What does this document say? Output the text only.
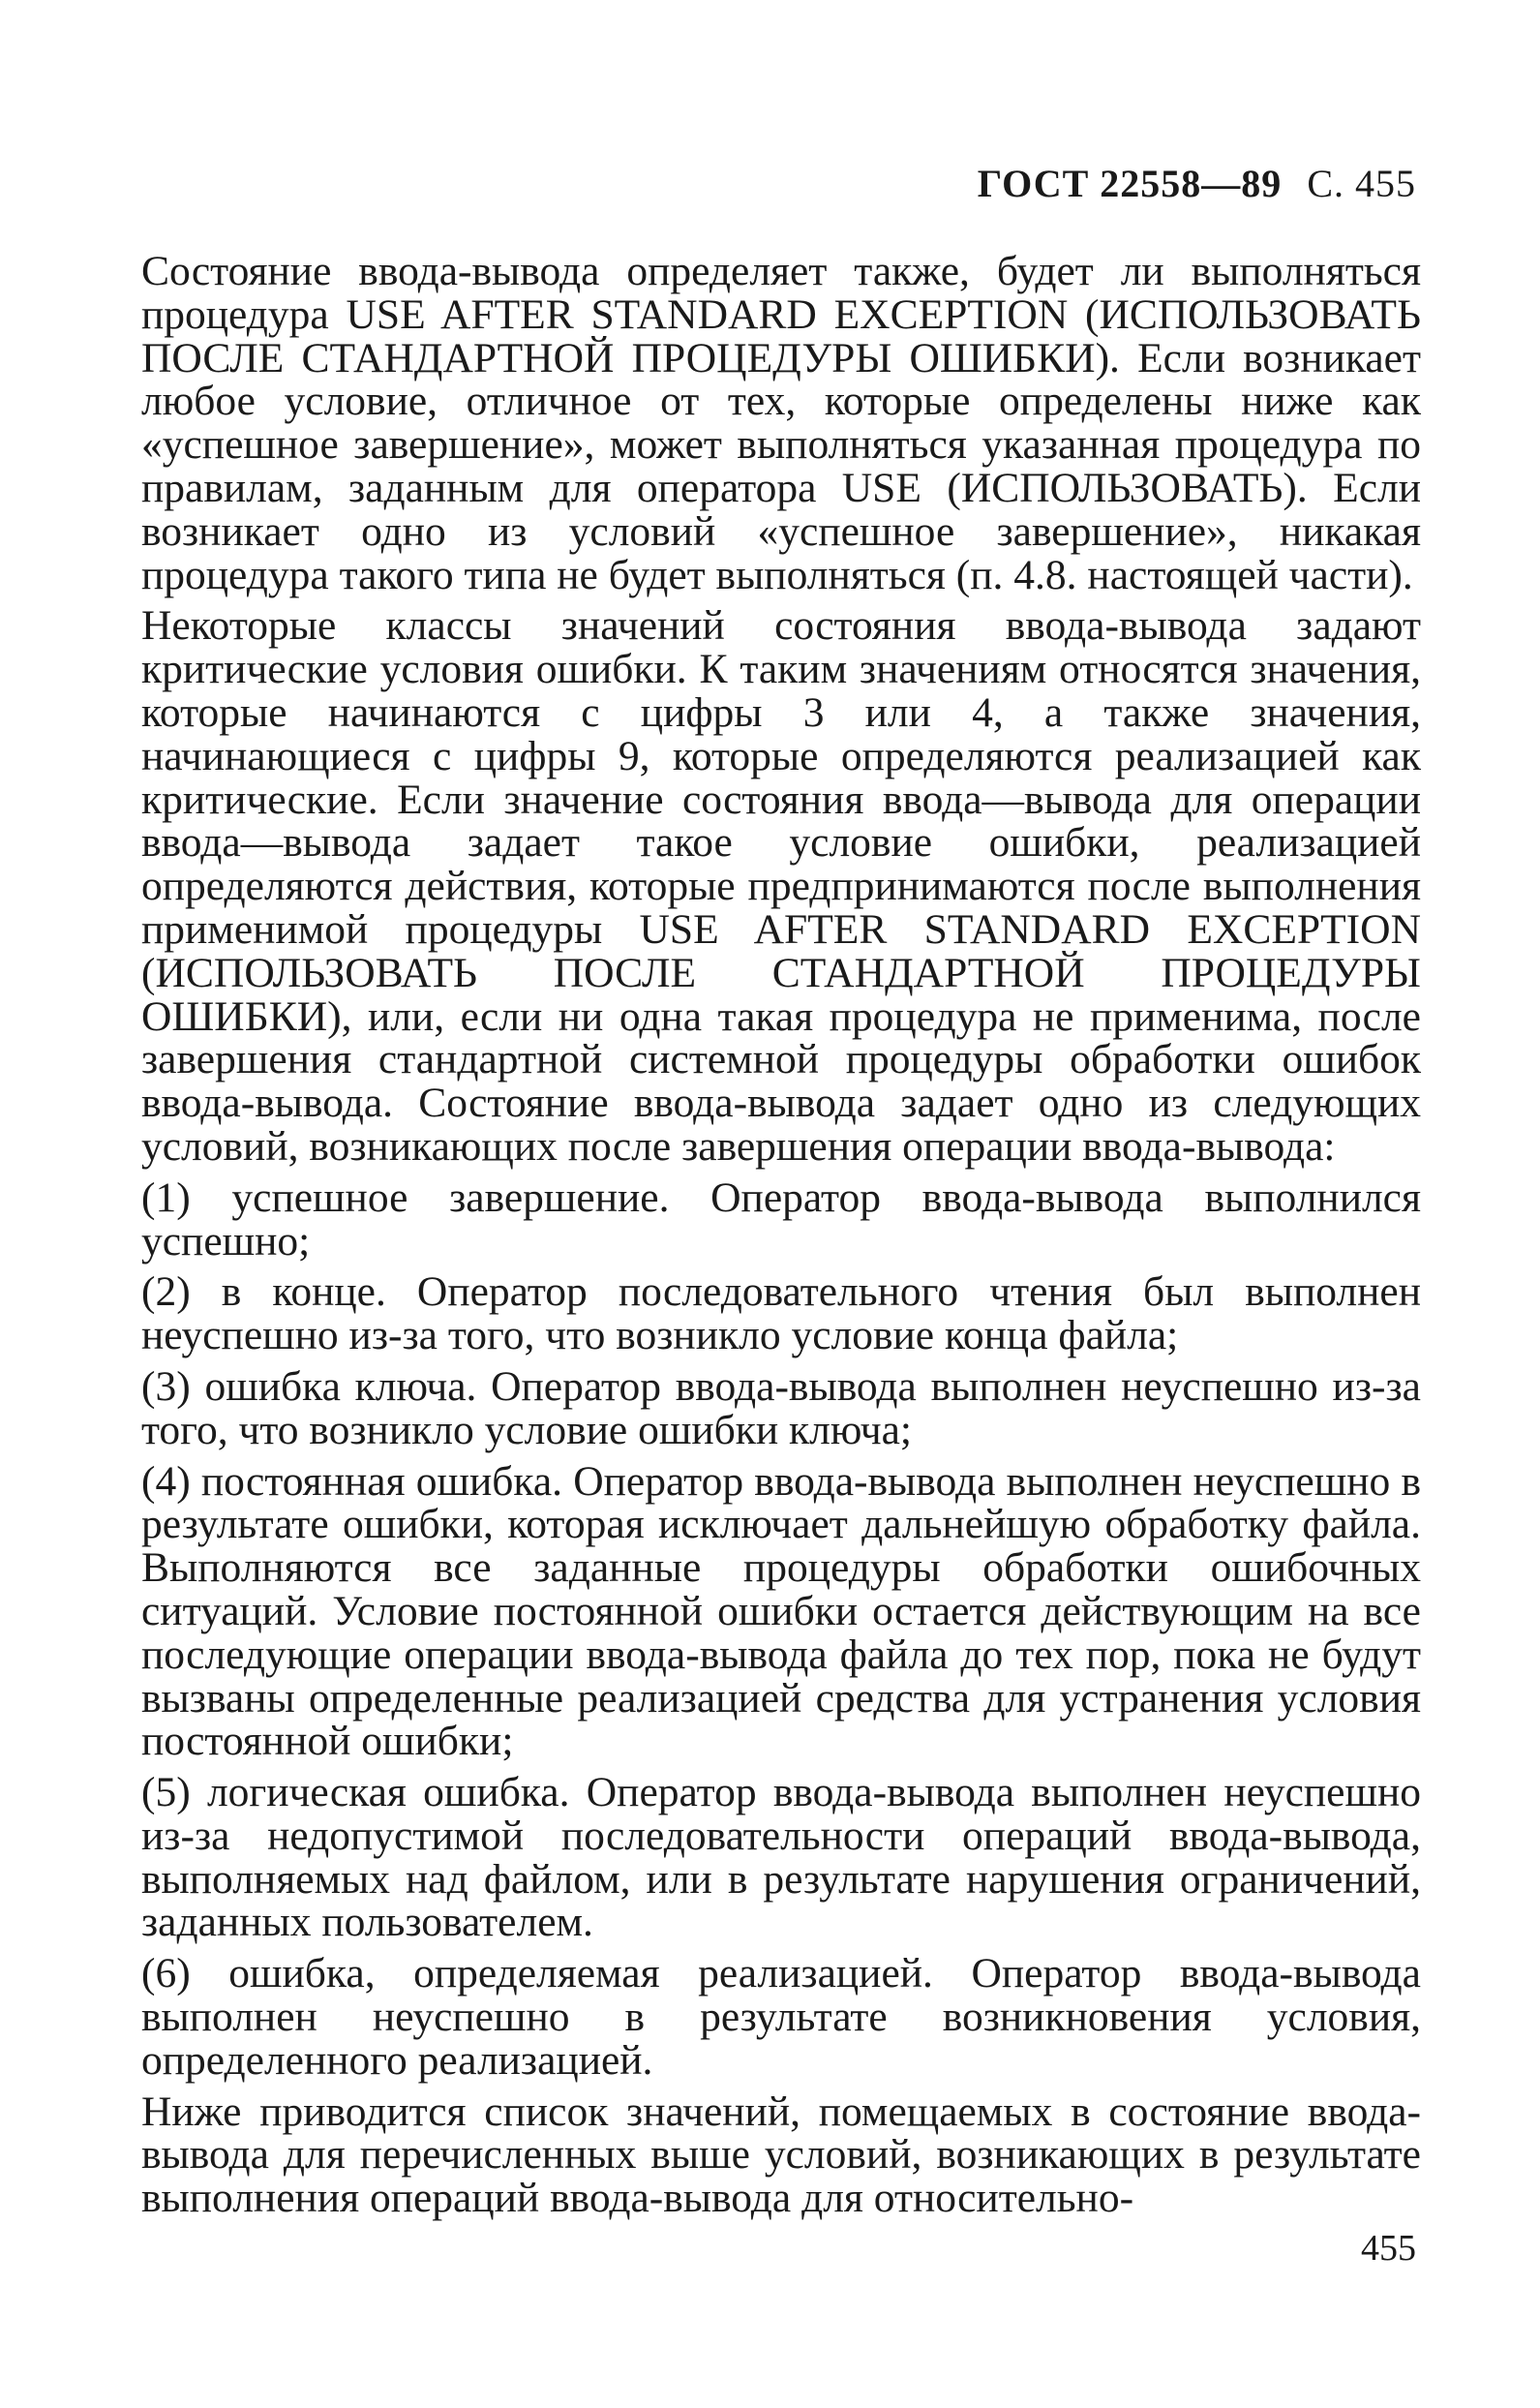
ГОСТ 22558—89 С. 455

Состояние ввода-вывода определяет также, будет ли выполняться процедура USE AFTER STANDARD EXCEPTION (ИСПОЛЬЗОВАТЬ ПОСЛЕ СТАНДАРТНОЙ ПРОЦЕДУРЫ ОШИБКИ). Если возникает любое условие, отличное от тех, которые определены ниже как «успешное завершение», может выполняться указанная процедура по правилам, заданным для оператора USE (ИСПОЛЬЗОВАТЬ). Если возникает одно из условий «успешное завершение», никакая процедура такого типа не будет выполняться (п. 4.8. настоящей части).

Некоторые классы значений состояния ввода-вывода задают критические условия ошибки. К таким значениям относятся значения, которые начинаются с цифры 3 или 4, а также значения, начинающиеся с цифры 9, которые определяются реализацией как критические. Если значение состояния ввода—вывода для операции ввода—вывода задает такое условие ошибки, реализацией определяются действия, которые предпринимаются после выполнения применимой процедуры USE AFTER STANDARD EXCEPTION (ИСПОЛЬЗОВАТЬ ПОСЛЕ СТАНДАРТНОЙ ПРОЦЕДУРЫ ОШИБКИ), или, если ни одна такая процедура не применима, после завершения стандартной системной процедуры обработки ошибок ввода-вывода. Состояние ввода-вывода задает одно из следующих условий, возникающих после завершения операции ввода-вывода:

(1) успешное завершение. Оператор ввода-вывода выполнился успешно;

(2) в конце. Оператор последовательного чтения был выполнен неуспешно из-за того, что возникло условие конца файла;

(3) ошибка ключа. Оператор ввода-вывода выполнен неуспешно из-за того, что возникло условие ошибки ключа;

(4) постоянная ошибка. Оператор ввода-вывода выполнен неуспешно в результате ошибки, которая исключает дальнейшую обработку файла. Выполняются все заданные процедуры обработки ошибочных ситуаций. Условие постоянной ошибки остается действующим на все последующие операции ввода-вывода файла до тех пор, пока не будут вызваны определенные реализацией средства для устранения условия постоянной ошибки;

(5) логическая ошибка. Оператор ввода-вывода выполнен неуспешно из-за недопустимой последовательности операций ввода-вывода, выполняемых над файлом, или в результате нарушения ограничений, заданных пользователем.

(6) ошибка, определяемая реализацией. Оператор ввода-вывода выполнен неуспешно в результате возникновения условия, определенного реализацией.

Ниже приводится список значений, помещаемых в состояние ввода-вывода для перечисленных выше условий, возникающих в результате выполнения операций ввода-вывода для относительно-

455
